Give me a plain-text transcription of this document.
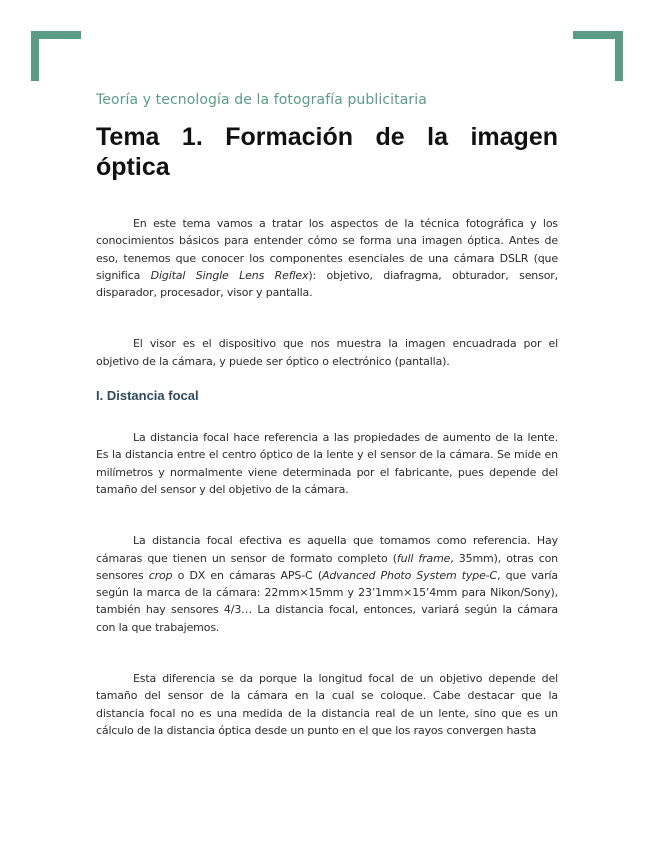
Teoría y tecnología de la fotografía publicitaria

Tema 1. Formación de la imagen óptica

En este tema vamos a tratar los aspectos de la técnica fotográfica y los conocimientos básicos para entender cómo se forma una imagen óptica. Antes de eso, tenemos que conocer los componentes esenciales de una cámara DSLR (que significa Digital Single Lens Reflex): objetivo, diafragma, obturador, sensor, disparador, procesador, visor y pantalla.

El visor es el dispositivo que nos muestra la imagen encuadrada por el objetivo de la cámara, y puede ser óptico o electrónico (pantalla).

I. Distancia focal

La distancia focal hace referencia a las propiedades de aumento de la lente. Es la distancia entre el centro óptico de la lente y el sensor de la cámara. Se mide en milímetros y normalmente viene determinada por el fabricante, pues depende del tamaño del sensor y del objetivo de la cámara.

La distancia focal efectiva es aquella que tomamos como referencia. Hay cámaras que tienen un sensor de formato completo (full frame, 35mm), otras con sensores crop o DX en cámaras APS-C (Advanced Photo System type-C, que varía según la marca de la cámara: 22mm×15mm y 23’1mm×15’4mm para Nikon/Sony), también hay sensores 4/3… La distancia focal, entonces, variará según la cámara con la que trabajemos.

Esta diferencia se da porque la longitud focal de un objetivo depende del tamaño del sensor de la cámara en la cual se coloque. Cabe destacar que la distancia focal no es una medida de la distancia real de un lente, sino que es un cálculo de la distancia óptica desde un punto en el que los rayos convergen hasta
